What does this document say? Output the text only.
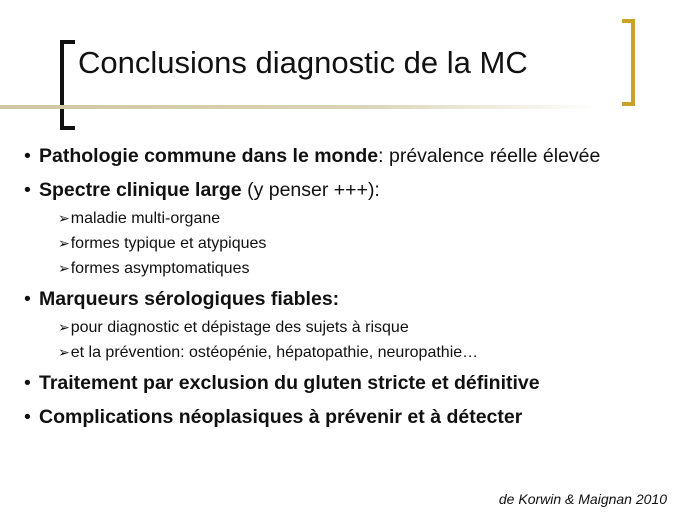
Conclusions diagnostic de la MC
• Pathologie commune dans le monde: prévalence réelle élevée
• Spectre clinique large (y penser +++):
➢maladie multi-organe
➢formes typique et atypiques
➢formes asymptomatiques
• Marqueurs sérologiques fiables:
➢pour diagnostic et dépistage des sujets à risque
➢et la prévention: ostéopénie, hépatopathie, neuropathie…
• Traitement par exclusion du gluten stricte et définitive
• Complications néoplasiques à prévenir et à détecter

de Korwin & Maignan 2010
